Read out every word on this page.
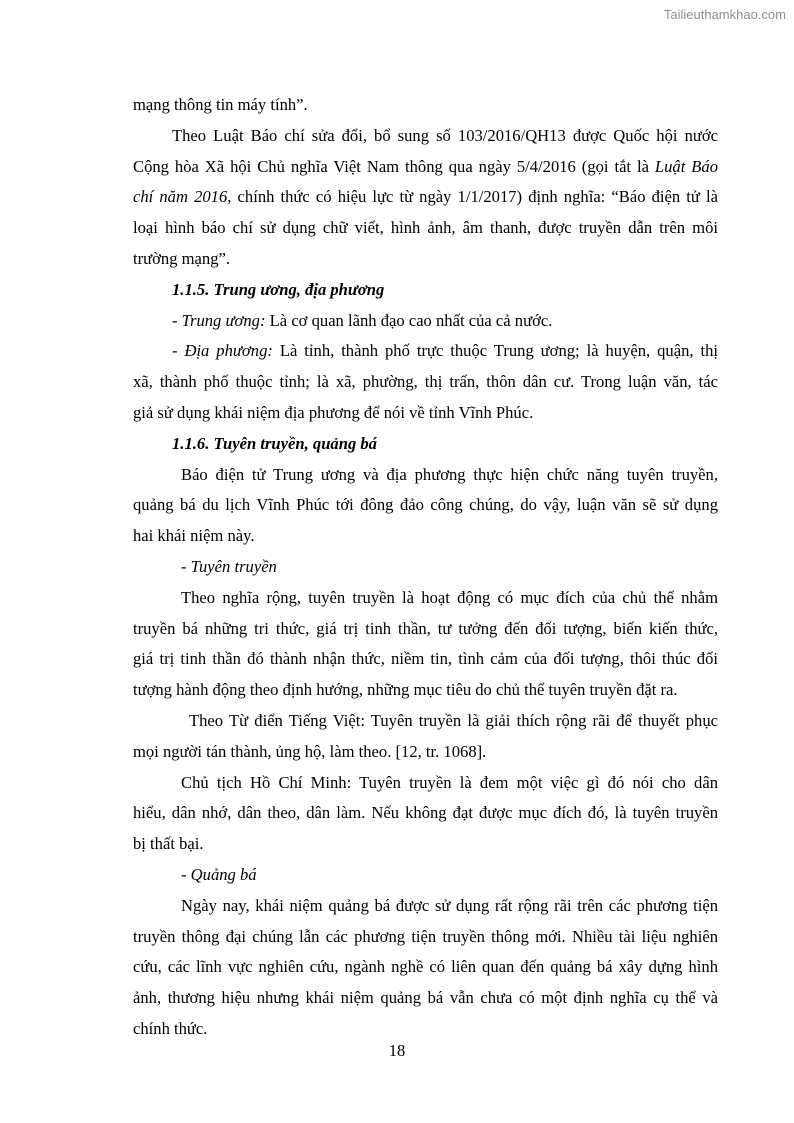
Tailieuthamkhao.com

mạng thông tin máy tính”.

Theo Luật Báo chí sửa đổi, bổ sung số 103/2016/QH13 được Quốc hội nước
Cộng hòa Xã hội Chủ nghĩa Việt Nam thông qua ngày 5/4/2016 (gọi tắt là Luật Báo
chí năm 2016, chính thức có hiệu lực từ ngày 1/1/2017) định nghĩa: “Báo điện tử là
loại hình báo chí sử dụng chữ viết, hình ảnh, âm thanh, được truyền dẫn trên môi
trường mạng”.

1.1.5. Trung ương, địa phương

- Trung ương: Là cơ quan lãnh đạo cao nhất của cả nước.

- Địa phương: Là tỉnh, thành phố trực thuộc Trung ương; là huyện, quận, thị
xã, thành phố thuộc tỉnh; là xã, phường, thị trấn, thôn dân cư. Trong luận văn, tác
giả sử dụng khái niệm địa phương để nói về tỉnh Vĩnh Phúc.

1.1.6. Tuyên truyền, quảng bá

Báo điện tử Trung ương và địa phương thực hiện chức năng tuyên truyền,
quảng bá du lịch Vĩnh Phúc tới đông đảo công chúng, do vậy, luận văn sẽ sử dụng
hai khái niệm này.

- Tuyên truyền

Theo nghĩa rộng, tuyên truyền là hoạt động có mục đích của chủ thể nhằm
truyền bá những tri thức, giá trị tinh thần, tư tưởng đến đối tượng, biến kiến thức,
giá trị tinh thần đó thành nhận thức, niềm tin, tình cảm của đối tượng, thôi thúc đối
tượng hành động theo định hướng, những mục tiêu do chủ thể tuyên truyền đặt ra.

Theo Từ điển Tiếng Việt: Tuyên truyền là giải thích rộng rãi để thuyết phục
mọi người tán thành, ủng hộ, làm theo. [12, tr. 1068].

Chủ tịch Hồ Chí Minh: Tuyên truyền là đem một việc gì đó nói cho dân
hiểu, dân nhớ, dân theo, dân làm. Nếu không đạt được mục đích đó, là tuyên truyền
bị thất bại.

- Quảng bá

Ngày nay, khái niệm quảng bá được sử dụng rất rộng rãi trên các phương tiện
truyền thông đại chúng lẫn các phương tiện truyền thông mới. Nhiều tài liệu nghiên
cứu, các lĩnh vực nghiên cứu, ngành nghề có liên quan đến quảng bá xây dựng hình
ảnh, thương hiệu nhưng khái niệm quảng bá vẫn chưa có một định nghĩa cụ thể và
chính thức.

18
